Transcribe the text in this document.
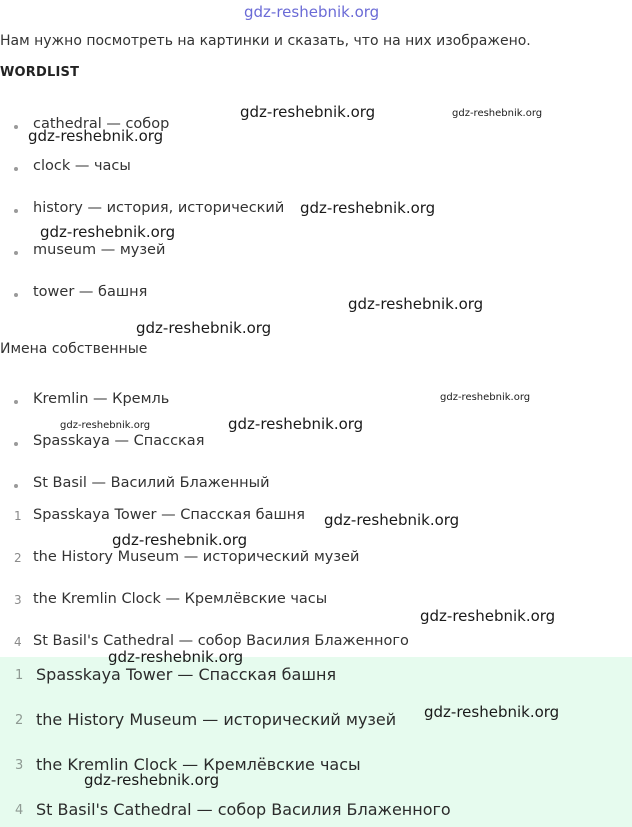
gdz-reshebnik.org
Нам нужно посмотреть на картинки и сказать, что на них изображено.
WORDLIST
cathedral — собор
clock — часы
history — история, исторический
museum — музей
tower — башня
Имена собственные
Kremlin — Кремль
Spasskaya — Спасская
St Basil — Василий Блаженный
1 Spasskaya Tower — Спасская башня
2 the History Museum — исторический музей
3 the Kremlin Clock — Кремлёвские часы
4 St Basil's Cathedral — собор Василия Блаженного
1 Spasskaya Tower — Спасская башня
2 the History Museum — исторический музей
3 the Kremlin Clock — Кремлёвские часы
4 St Basil's Cathedral — собор Василия Блаженного
gdz-reshebnik.org	gdz-reshebnik.org
gdz-reshebnik.org
gdz-reshebnik.org
gdz-reshebnik.org
gdz-reshebnik.org
gdz-reshebnik.org
gdz-reshebnik.org
gdz-reshebnik.org	gdz-reshebnik.org
gdz-reshebnik.org
gdz-reshebnik.org
gdz-reshebnik.org
gdz-reshebnik.org
gdz-reshebnik.org
gdz-reshebnik.org
